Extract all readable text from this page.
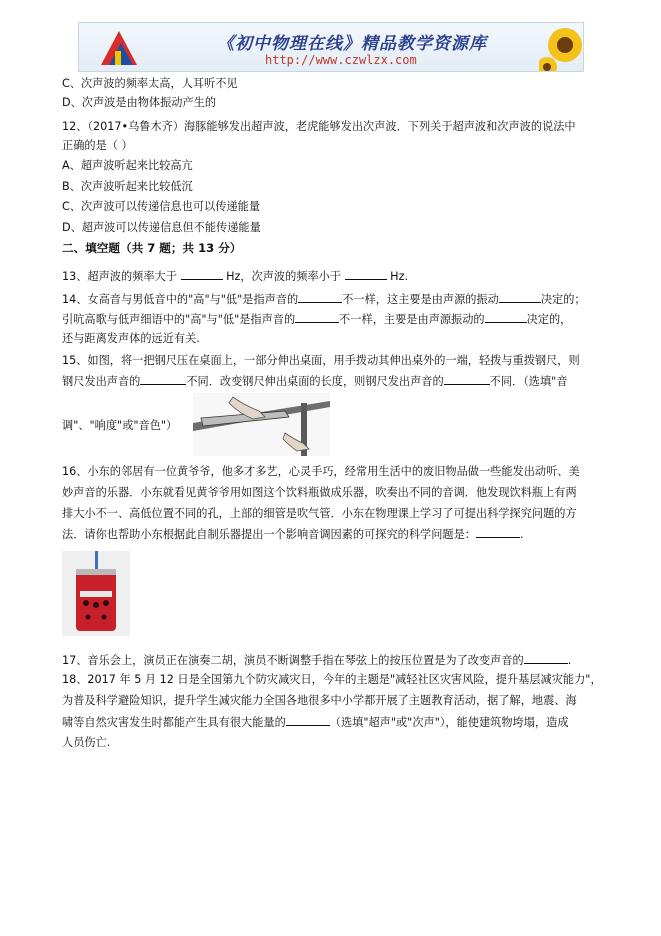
《初中物理在线》精品教学资源库
http://www.czwlzx.com
C、次声波的频率太高，人耳听不见
D、次声波是由物体振动产生的
12、（2017•乌鲁木齐）海豚能够发出超声波，老虎能够发出次声波．下列关于超声波和次声波的说法中
正确的是（ ）
A、超声波听起来比较高亢
B、次声波听起来比较低沉
C、次声波可以传递信息也可以传递能量
D、超声波可以传递信息但不能传递能量
二、填空题（共 7 题；共 13 分）
13、超声波的频率大于	Hz，次声波的频率小于	Hz.
14、女高音与男低音中的"高"与"低"是指声音的	不一样，这主要是由声源的振动	决定的；
引吭高歌与低声细语中的"高"与"低"是指声音的	不一样，主要是由声源振动的	决定的，
还与距离发声体的远近有关.
15、如图，将一把钢尺压在桌面上，一部分伸出桌面，用手拨动其伸出桌外的一端，轻拨与重拨钢尺，则
钢尺发出声音的	不同．改变钢尺伸出桌面的长度，则钢尺发出声音的	不同．（选填"音
调"、"响度"或"音色"）
16、小东的邻居有一位黄爷爷，他多才多艺，心灵手巧，经常用生活中的废旧物品做一些能发出动听、美
妙声音的乐器．小东就看见黄爷爷用如图这个饮料瓶做成乐器，吹奏出不同的音调．他发现饮料瓶上有两
排大小不一、高低位置不同的孔，上部的细管是吹气管．小东在物理课上学习了可提出科学探究问题的方
法．请你也帮助小东根据此自制乐器提出一个影响音调因素的可探究的科学问题是：	.
17、音乐会上，演员正在演奏二胡，演员不断调整手指在琴弦上的按压位置是为了改变声音的	.
18、2017 年 5 月 12 日是全国第九个防灾减灾日，今年的主题是"减轻社区灾害风险，提升基层减灾能力"，
为普及科学避险知识，提升学生减灾能力全国各地很多中小学都开展了主题教育活动，据了解，地震、海
啸等自然灾害发生时都能产生具有很大能量的	（选填"超声"或"次声"），能使建筑物垮塌，造成
人员伤亡.
